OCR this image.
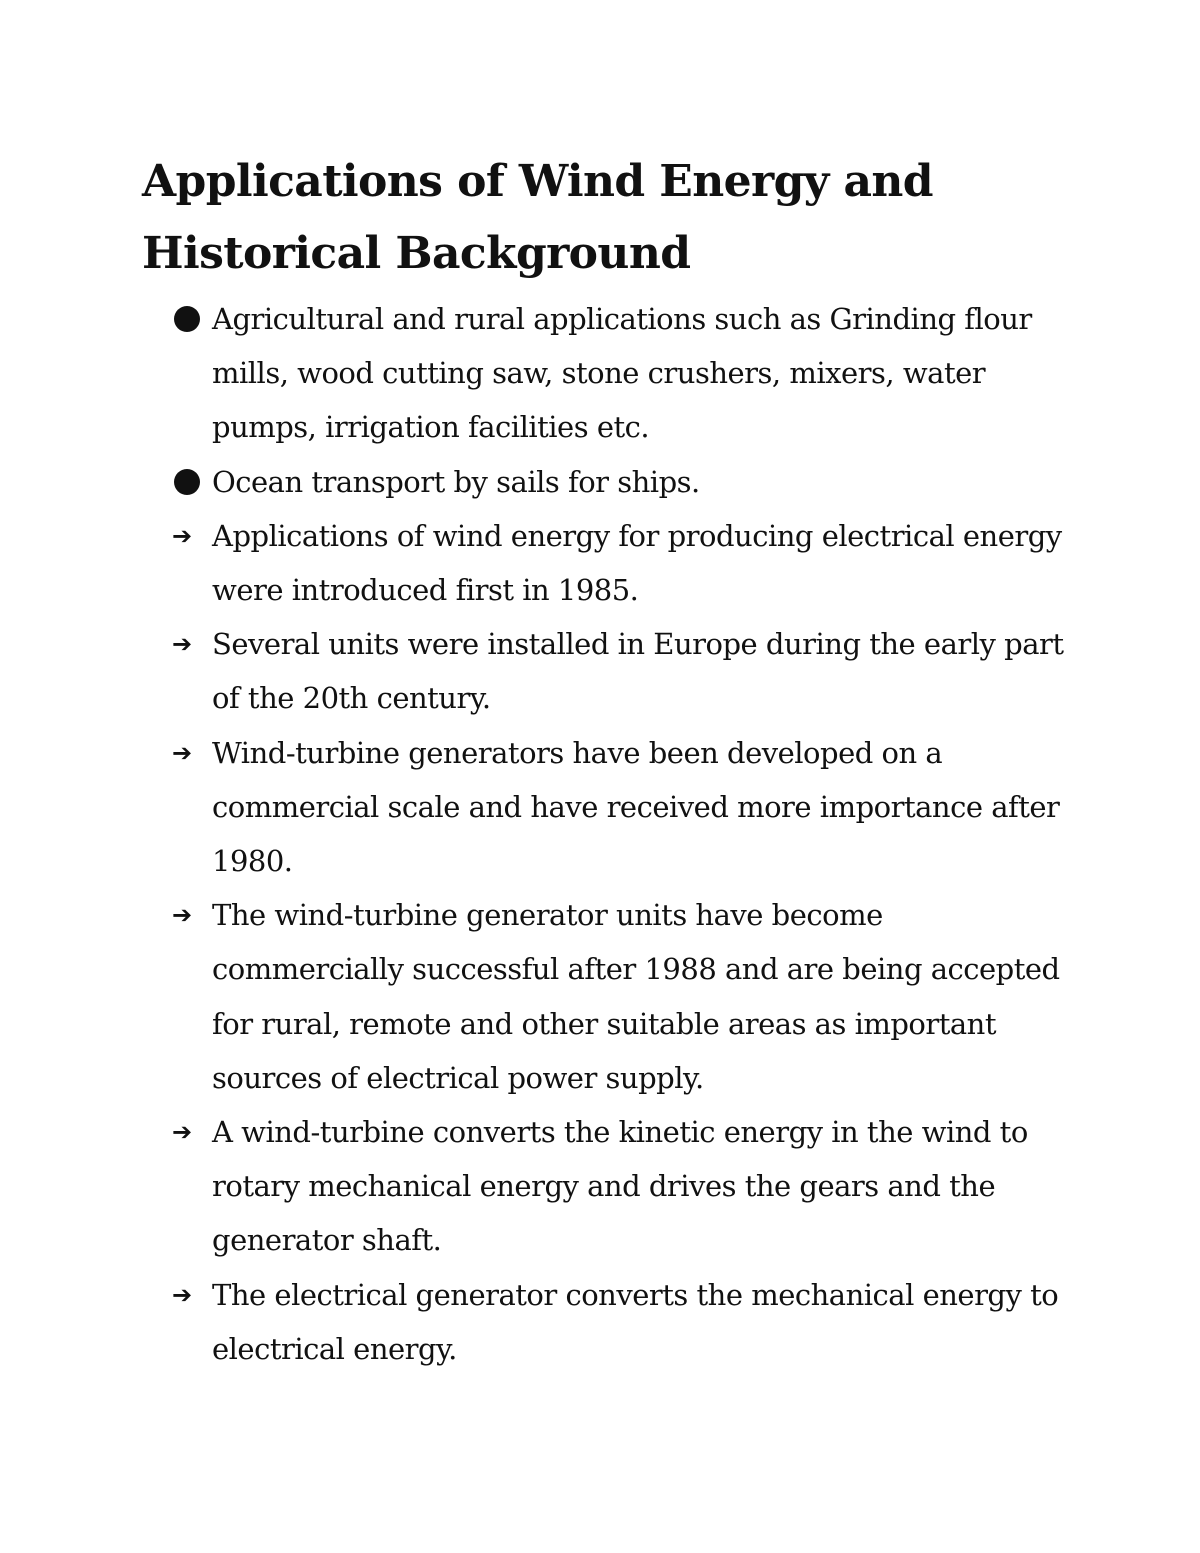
Applications of Wind Energy and Historical Background
Agricultural and rural applications such as Grinding flour mills, wood cutting saw, stone crushers, mixers, water pumps, irrigation facilities etc.
Ocean transport by sails for ships.
➔ Applications of wind energy for producing electrical energy were introduced first in 1985.
➔ Several units were installed in Europe during the early part of the 20th century.
➔ Wind-turbine generators have been developed on a commercial scale and have received more importance after 1980.
➔ The wind-turbine generator units have become commercially successful after 1988 and are being accepted for rural, remote and other suitable areas as important sources of electrical power supply.
➔ A wind-turbine converts the kinetic energy in the wind to rotary mechanical energy and drives the gears and the generator shaft.
➔ The electrical generator converts the mechanical energy to electrical energy.
